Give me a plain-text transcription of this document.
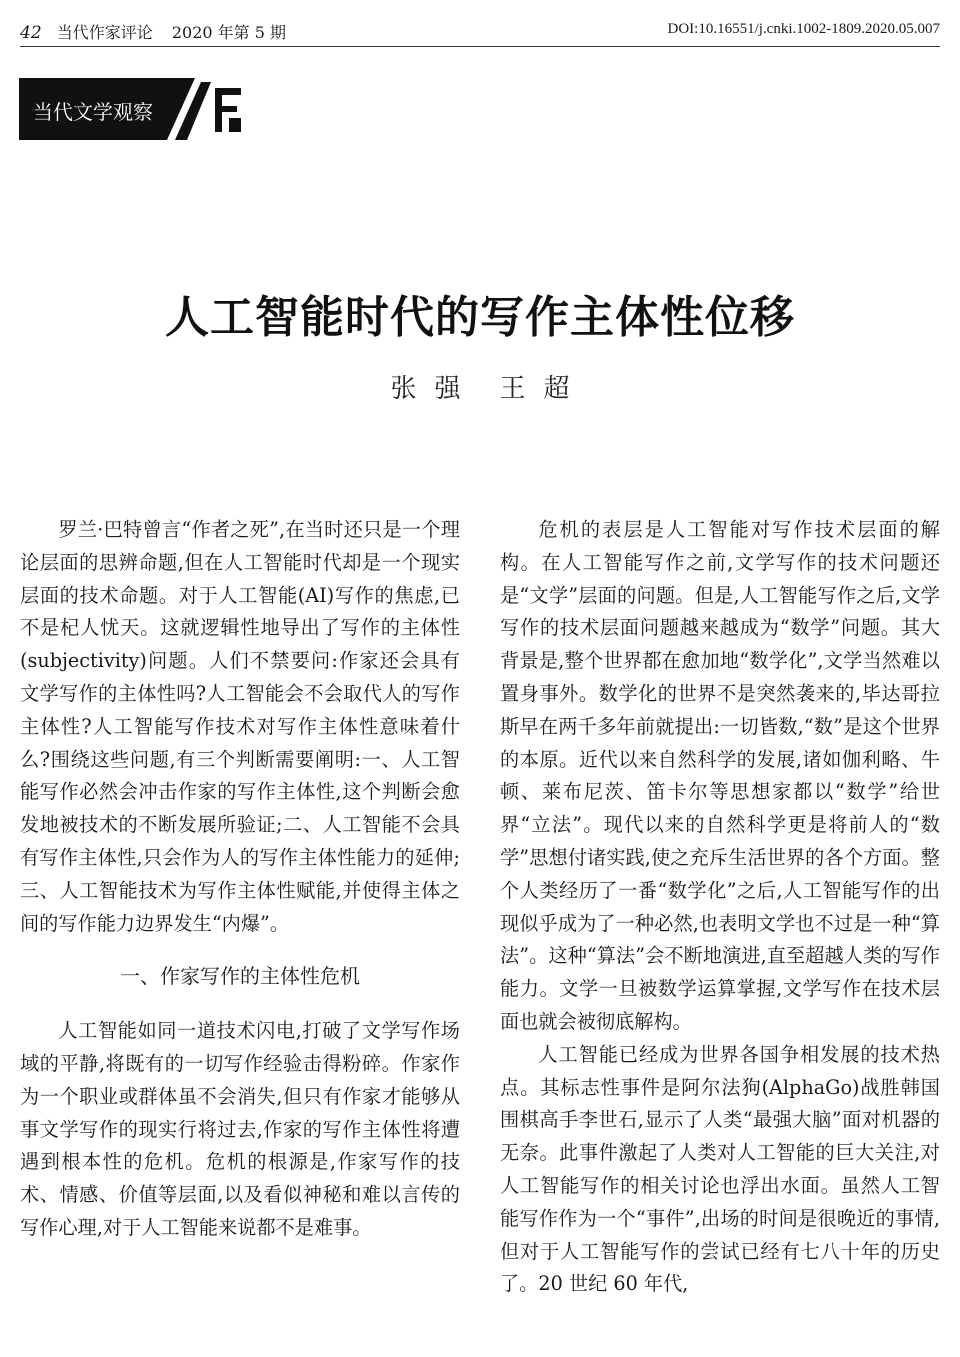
42 当代作家评论 2020 年第 5 期	DOI:10.16551/j.cnki.1002-1809.2020.05.007
当代文学观察
人工智能时代的写作主体性位移
张 强 王 超

罗兰·巴特曾言“作者之死”,在当时还只是一个理论层面的思辨命题,但在人工智能时代却是一个现实层面的技术命题。对于人工智能(AI)写作的焦虑,已不是杞人忧天。这就逻辑性地导出了写作的主体性(subjectivity)问题。人们不禁要问:作家还会具有文学写作的主体性吗?人工智能会不会取代人的写作主体性?人工智能写作技术对写作主体性意味着什么?围绕这些问题,有三个判断需要阐明:一、人工智能写作必然会冲击作家的写作主体性,这个判断会愈发地被技术的不断发展所验证;二、人工智能不会具有写作主体性,只会作为人的写作主体性能力的延伸;三、人工智能技术为写作主体性赋能,并使得主体之间的写作能力边界发生“内爆”。

一、作家写作的主体性危机

人工智能如同一道技术闪电,打破了文学写作场域的平静,将既有的一切写作经验击得粉碎。作家作为一个职业或群体虽不会消失,但只有作家才能够从事文学写作的现实行将过去,作家的写作主体性将遭遇到根本性的危机。危机的根源是,作家写作的技术、情感、价值等层面,以及看似神秘和难以言传的写作心理,对于人工智能来说都不是难事。

危机的表层是人工智能对写作技术层面的解构。在人工智能写作之前,文学写作的技术问题还是“文学”层面的问题。但是,人工智能写作之后,文学写作的技术层面问题越来越成为“数学”问题。其大背景是,整个世界都在愈加地“数学化”,文学当然难以置身事外。数学化的世界不是突然袭来的,毕达哥拉斯早在两千多年前就提出:一切皆数,“数”是这个世界的本原。近代以来自然科学的发展,诸如伽利略、牛顿、莱布尼茨、笛卡尔等思想家都以“数学”给世界“立法”。现代以来的自然科学更是将前人的“数学”思想付诸实践,使之充斥生活世界的各个方面。整个人类经历了一番“数学化”之后,人工智能写作的出现似乎成为了一种必然,也表明文学也不过是一种“算法”。这种“算法”会不断地演进,直至超越人类的写作能力。文学一旦被数学运算掌握,文学写作在技术层面也就会被彻底解构。

人工智能已经成为世界各国争相发展的技术热点。其标志性事件是阿尔法狗(AlphaGo)战胜韩国围棋高手李世石,显示了人类“最强大脑”面对机器的无奈。此事件激起了人类对人工智能的巨大关注,对人工智能写作的相关讨论也浮出水面。虽然人工智能写作作为一个“事件”,出场的时间是很晚近的事情,但对于人工智能写作的尝试已经有七八十年的历史了。20 世纪 60 年代,
